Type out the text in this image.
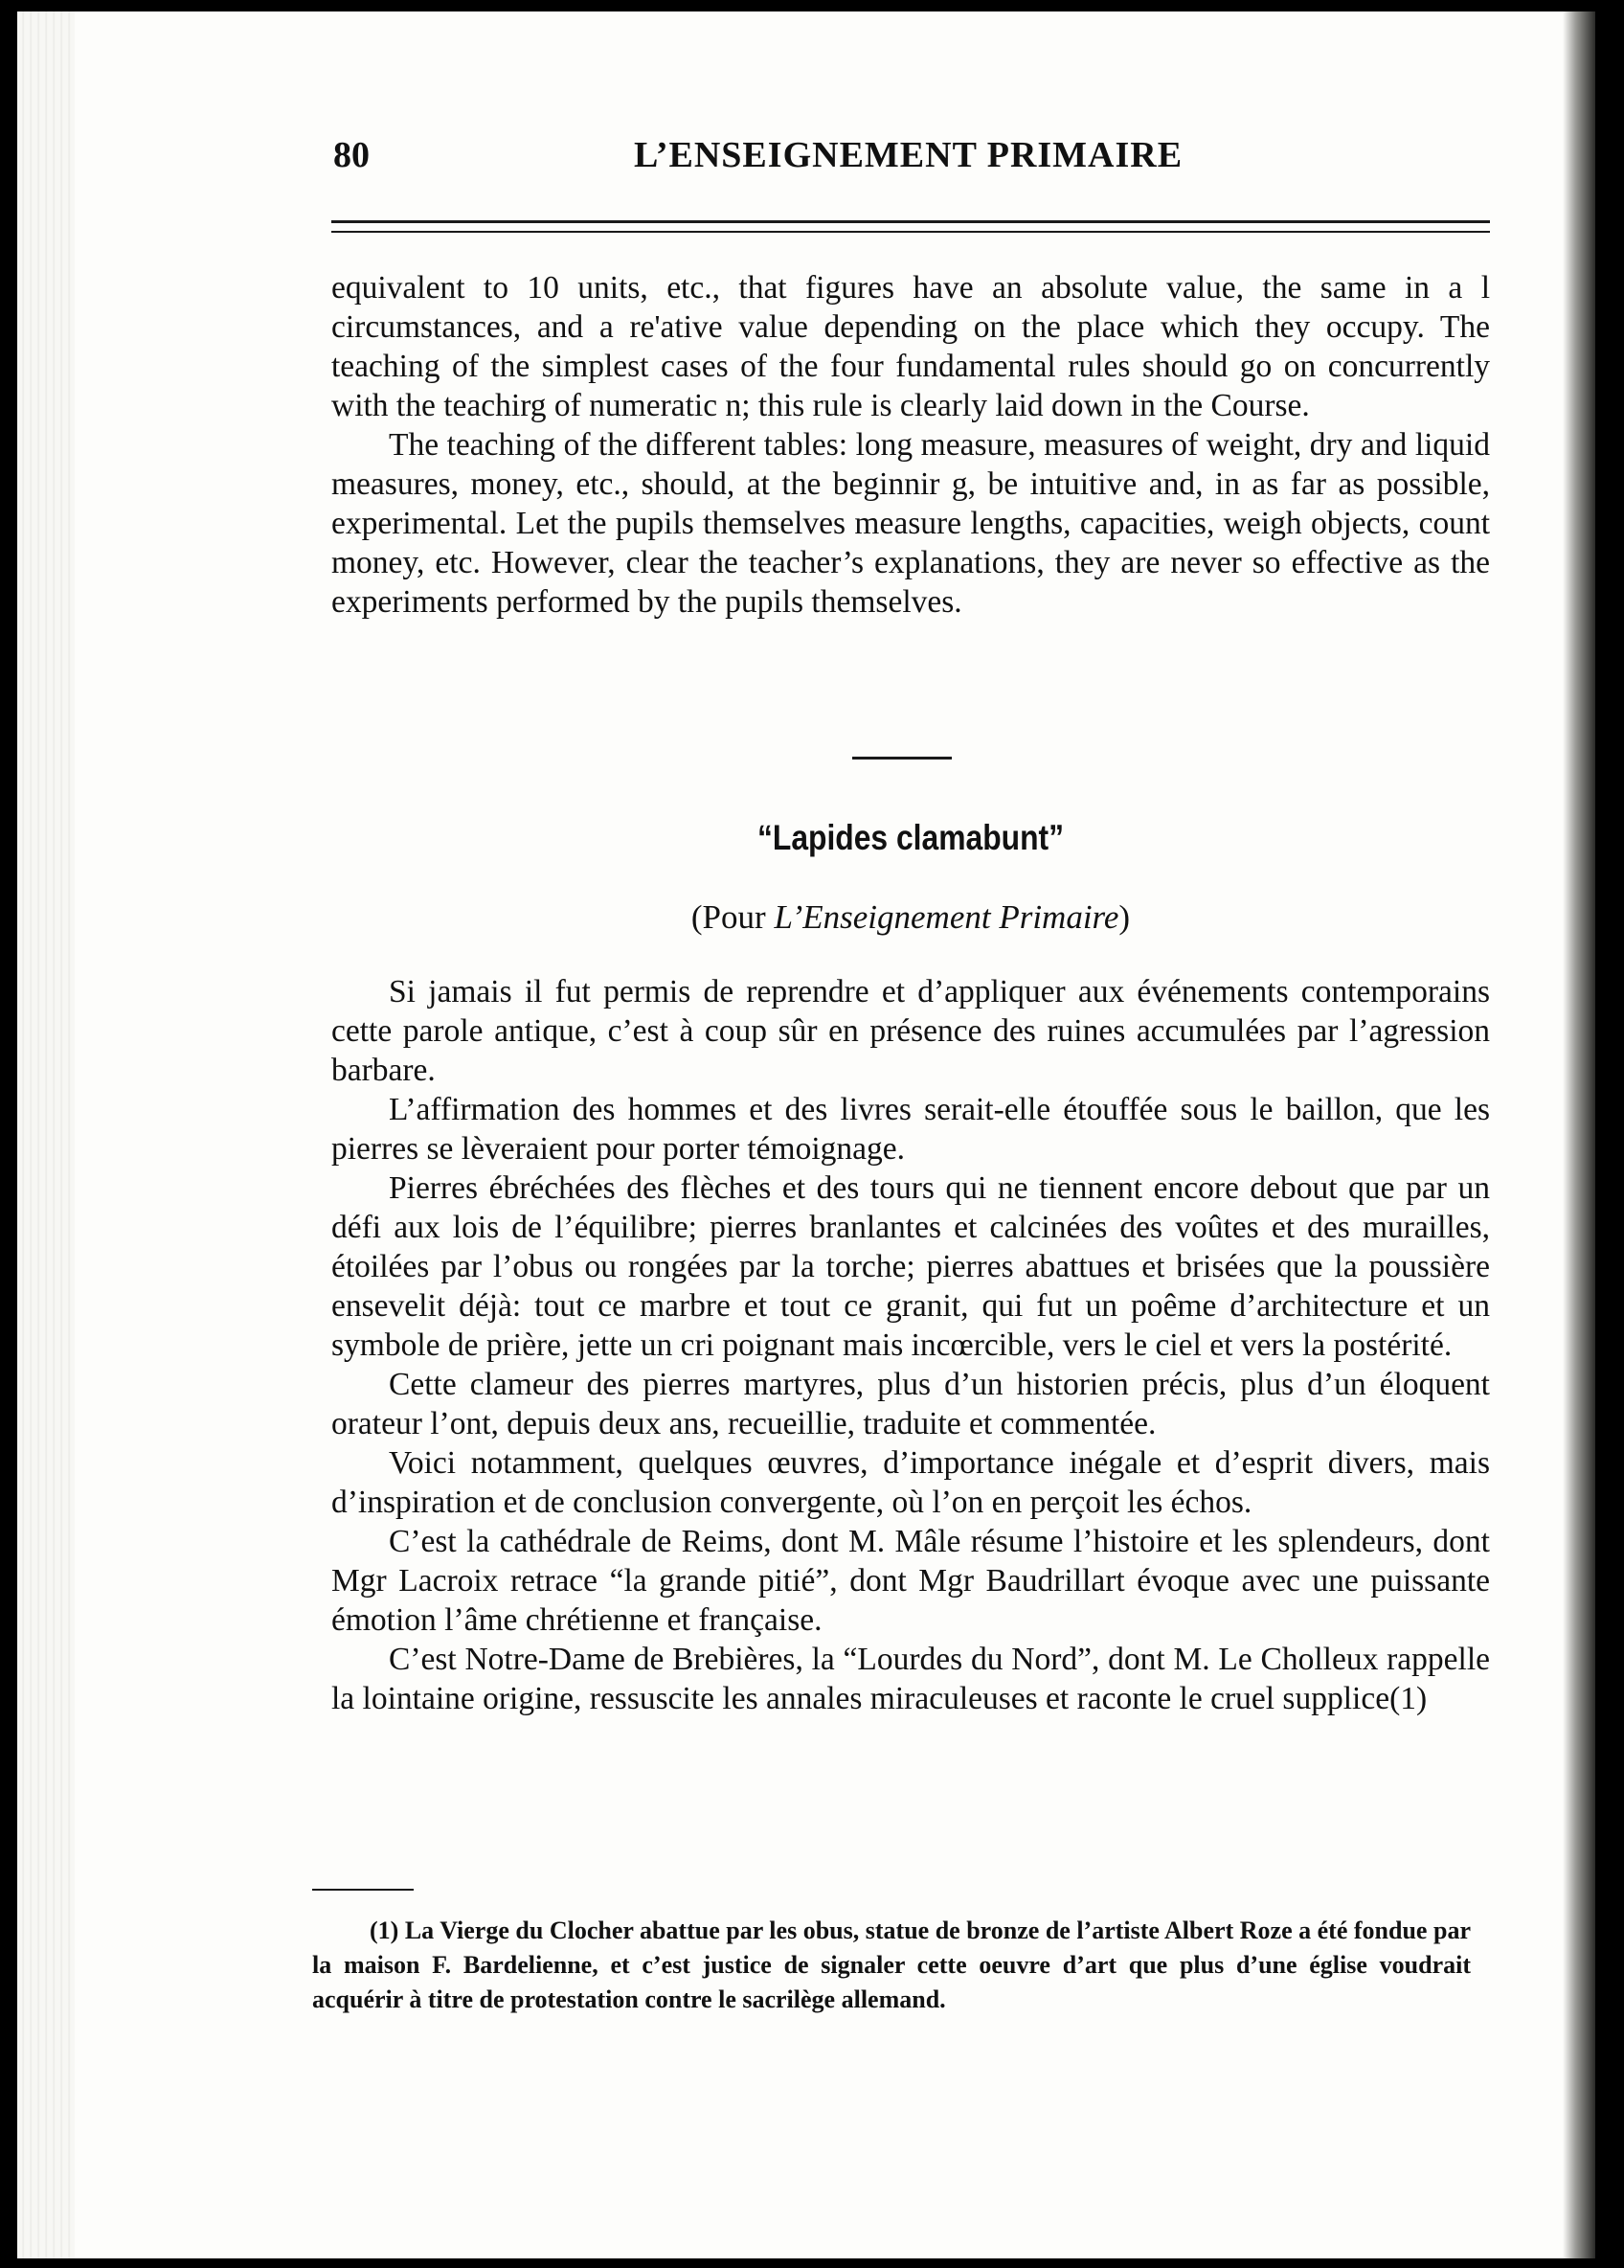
80	L’ENSEIGNEMENT PRIMAIRE

equivalent to 10 units, etc., that figures have an absolute value, the same in a l circumstances, and a re'ative value depending on the place which they occupy. The teaching of the simplest cases of the four fundamental rules should go on concurrently with the teachirg of numeratic n; this rule is clearly laid down in the Course.

The teaching of the different tables: long measure, measures of weight, dry and liquid measures, money, etc., should, at the beginnir g, be intuitive and, in as far as possible, experimental. Let the pupils themselves measure lengths, capacities, weigh objects, count money, etc. However, clear the teacher’s explanations, they are never so effective as the experiments performed by the pupils themselves.

“Lapides clamabunt”
(Pour L’Enseignement Primaire)

Si jamais il fut permis de reprendre et d’appliquer aux événements contemporains cette parole antique, c’est à coup sûr en présence des ruines accumulées par l’agression barbare.

L’affirmation des hommes et des livres serait-elle étouffée sous le baillon, que les pierres se lèveraient pour porter témoignage.

Pierres ébréchées des flèches et des tours qui ne tiennent encore debout que par un défi aux lois de l’équilibre; pierres branlantes et calcinées des voûtes et des murailles, étoilées par l’obus ou rongées par la torche; pierres abattues et brisées que la poussière ensevelit déjà: tout ce marbre et tout ce granit, qui fut un poême d’architecture et un symbole de prière, jette un cri poignant mais incœrcible, vers le ciel et vers la postérité.

Cette clameur des pierres martyres, plus d’un historien précis, plus d’un éloquent orateur l’ont, depuis deux ans, recueillie, traduite et commentée.

Voici notamment, quelques œuvres, d’importance inégale et d’esprit divers, mais d’inspiration et de conclusion convergente, où l’on en perçoit les échos.

C’est la cathédrale de Reims, dont M. Mâle résume l’histoire et les splendeurs, dont Mgr Lacroix retrace “la grande pitié”, dont Mgr Baudrillart évoque avec une puissante émotion l’âme chrétienne et française.

C’est Notre-Dame de Brebières, la “Lourdes du Nord”, dont M. Le Cholleux rappelle la lointaine origine, ressuscite les annales miraculeuses et raconte le cruel supplice(1)

(1) La Vierge du Clocher abattue par les obus, statue de bronze de l’artiste Albert Roze a été fondue par la maison F. Bardelienne, et c’est justice de signaler cette oeuvre d’art que plus d’une église voudrait acquérir à titre de protestation contre le sacrilège allemand.
